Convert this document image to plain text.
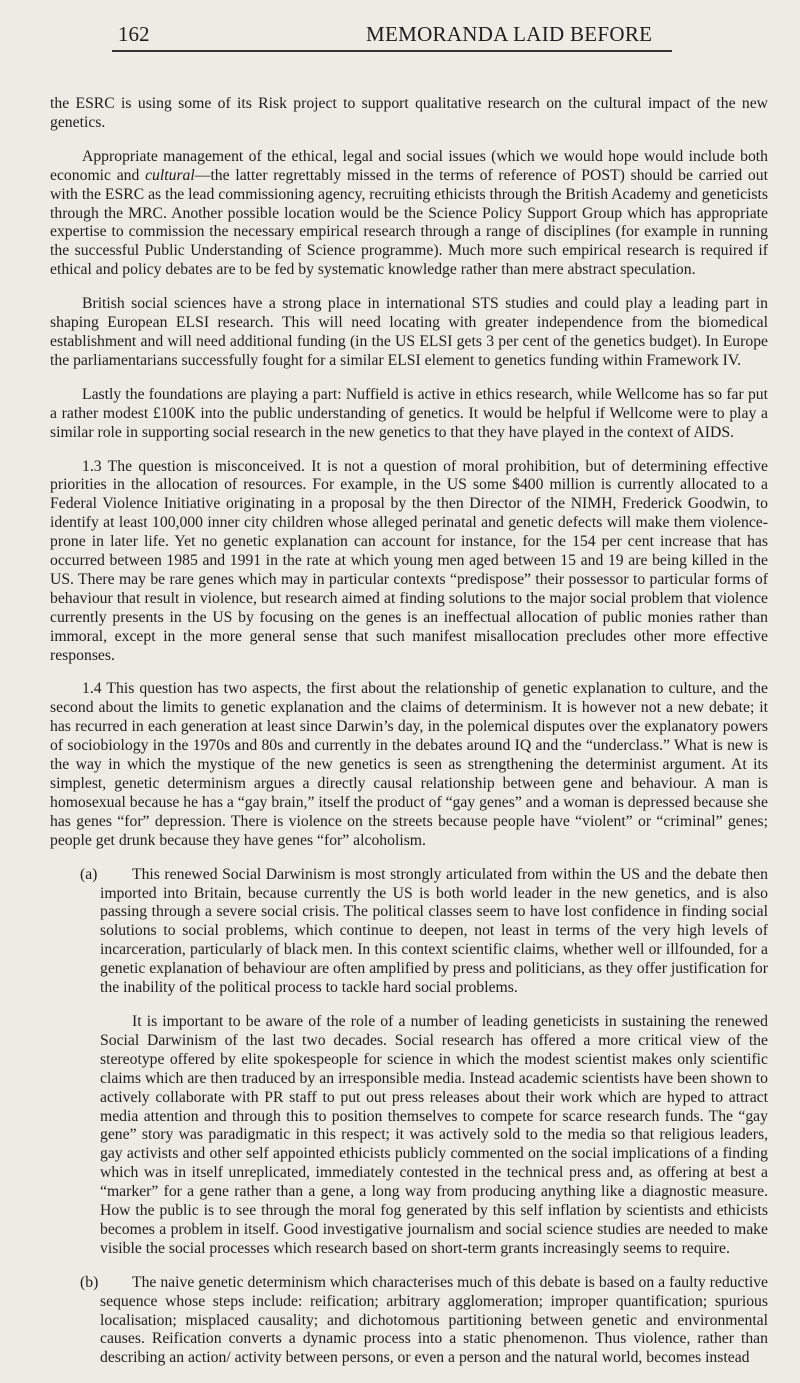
162	MEMORANDA LAID BEFORE

the ESRC is using some of its Risk project to support qualitative research on the cultural impact of the new genetics.

Appropriate management of the ethical, legal and social issues (which we would hope would include both economic and cultural—the latter regrettably missed in the terms of reference of POST) should be carried out with the ESRC as the lead commissioning agency, recruiting ethicists through the British Academy and geneticists through the MRC. Another possible location would be the Science Policy Support Group which has appropriate expertise to commission the necessary empirical research through a range of disciplines (for example in running the successful Public Understanding of Science programme). Much more such empirical research is required if ethical and policy debates are to be fed by systematic knowledge rather than mere abstract speculation.

British social sciences have a strong place in international STS studies and could play a leading part in shaping European ELSI research. This will need locating with greater independence from the biomedical establishment and will need additional funding (in the US ELSI gets 3 per cent of the genetics budget). In Europe the parliamentarians successfully fought for a similar ELSI element to genetics funding within Framework IV.

Lastly the foundations are playing a part: Nuffield is active in ethics research, while Wellcome has so far put a rather modest £100K into the public understanding of genetics. It would be helpful if Wellcome were to play a similar role in supporting social research in the new genetics to that they have played in the context of AIDS.

1.3 The question is misconceived. It is not a question of moral prohibition, but of determining effective priorities in the allocation of resources. For example, in the US some $400 million is currently allocated to a Federal Violence Initiative originating in a proposal by the then Director of the NIMH, Frederick Goodwin, to identify at least 100,000 inner city children whose alleged perinatal and genetic defects will make them violence-prone in later life. Yet no genetic explanation can account for instance, for the 154 per cent increase that has occurred between 1985 and 1991 in the rate at which young men aged between 15 and 19 are being killed in the US. There may be rare genes which may in particular contexts “predispose” their possessor to particular forms of behaviour that result in violence, but research aimed at finding solutions to the major social problem that violence currently presents in the US by focusing on the genes is an ineffectual allocation of public monies rather than immoral, except in the more general sense that such manifest misallocation precludes other more effective responses.

1.4 This question has two aspects, the first about the relationship of genetic explanation to culture, and the second about the limits to genetic explanation and the claims of determinism. It is however not a new debate; it has recurred in each generation at least since Darwin’s day, in the polemical disputes over the explanatory powers of sociobiology in the 1970s and 80s and currently in the debates around IQ and the “underclass.” What is new is the way in which the mystique of the new genetics is seen as strengthening the determinist argument. At its simplest, genetic determinism argues a directly causal relationship between gene and behaviour. A man is homosexual because he has a “gay brain,” itself the product of “gay genes” and a woman is depressed because she has genes “for” depression. There is violence on the streets because people have “violent” or “criminal” genes; people get drunk because they have genes “for” alcoholism.

(a)	This renewed Social Darwinism is most strongly articulated from within the US and the debate then imported into Britain, because currently the US is both world leader in the new genetics, and is also passing through a severe social crisis. The political classes seem to have lost confidence in finding social solutions to social problems, which continue to deepen, not least in terms of the very high levels of incarceration, particularly of black men. In this context scientific claims, whether well or illfounded, for a genetic explanation of behaviour are often amplified by press and politicians, as they offer justification for the inability of the political process to tackle hard social problems.

It is important to be aware of the role of a number of leading geneticists in sustaining the renewed Social Darwinism of the last two decades. Social research has offered a more critical view of the stereotype offered by elite spokespeople for science in which the modest scientist makes only scientific claims which are then traduced by an irresponsible media. Instead academic scientists have been shown to actively collaborate with PR staff to put out press releases about their work which are hyped to attract media attention and through this to position themselves to compete for scarce research funds. The “gay gene” story was paradigmatic in this respect; it was actively sold to the media so that religious leaders, gay activists and other self appointed ethicists publicly commented on the social implications of a finding which was in itself unreplicated, immediately contested in the technical press and, as offering at best a “marker” for a gene rather than a gene, a long way from producing anything like a diagnostic measure. How the public is to see through the moral fog generated by this self inflation by scientists and ethicists becomes a problem in itself. Good investigative journalism and social science studies are needed to make visible the social processes which research based on short-term grants increasingly seems to require.

(b)	The naive genetic determinism which characterises much of this debate is based on a faulty reductive sequence whose steps include: reification; arbitrary agglomeration; improper quantification; spurious localisation; misplaced causality; and dichotomous partitioning between genetic and environmental causes. Reification converts a dynamic process into a static phenomenon. Thus violence, rather than describing an action/ activity between persons, or even a person and the natural world, becomes instead
